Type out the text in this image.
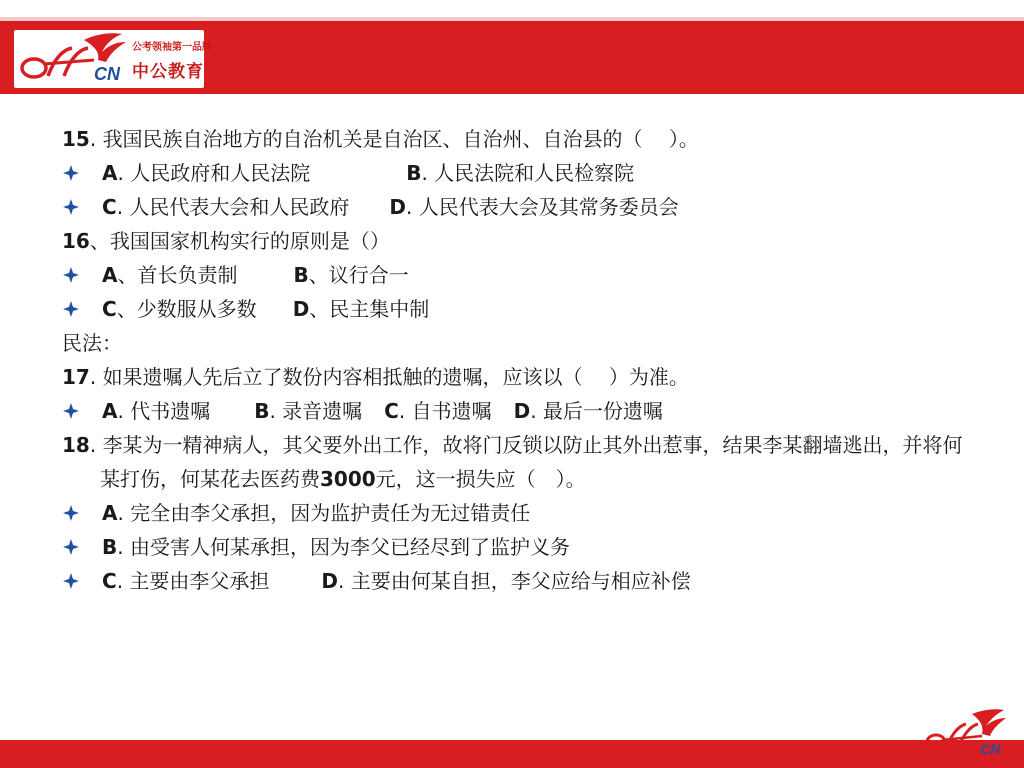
CN
公考领袖第一品牌
中公教育
15. 我国民族自治地方的自治机关是自治区、自治州、自治县的（　 ）。
A. 人民政府和人民法院	B. 人民法院和人民检察院
C. 人民代表大会和人民政府 D. 人民代表大会及其常务委员会
16、我国国家机构实行的原则是（）
A、首长负责制	B、议行合一
C、少数服从多数 D、民主集中制
民法：
17. 如果遗嘱人先后立了数份内容相抵触的遗嘱，应该以（　 ）为准。
A. 代书遗嘱 B. 录音遗嘱 C. 自书遗嘱 D. 最后一份遗嘱
18. 李某为一精神病人，其父要外出工作，故将门反锁以防止其外出惹事，结果李某翻墙逃出，并将何某打伤，何某花去医药费3000元，这一损失应（　）。
A. 完全由李父承担，因为监护责任为无过错责任
B. 由受害人何某承担，因为李父已经尽到了监护义务
C. 主要由李父承担	D. 主要由何某自担，李父应给与相应补偿
CN
